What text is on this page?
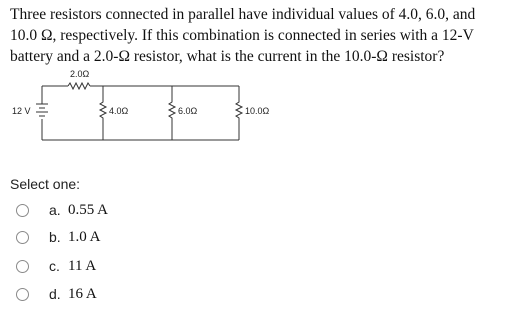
Three resistors connected in parallel have individual values of 4.0, 6.0, and 10.0 Ω, respectively. If this combination is connected in series with a 12-V battery and a 2.0-Ω resistor, what is the current in the 10.0-Ω resistor?
2.0Ω
12 V	4.0Ω	6.0Ω	10.0Ω
Select one:
a. 0.55 A
b. 1.0 A
c. 11 A
d. 16 A
